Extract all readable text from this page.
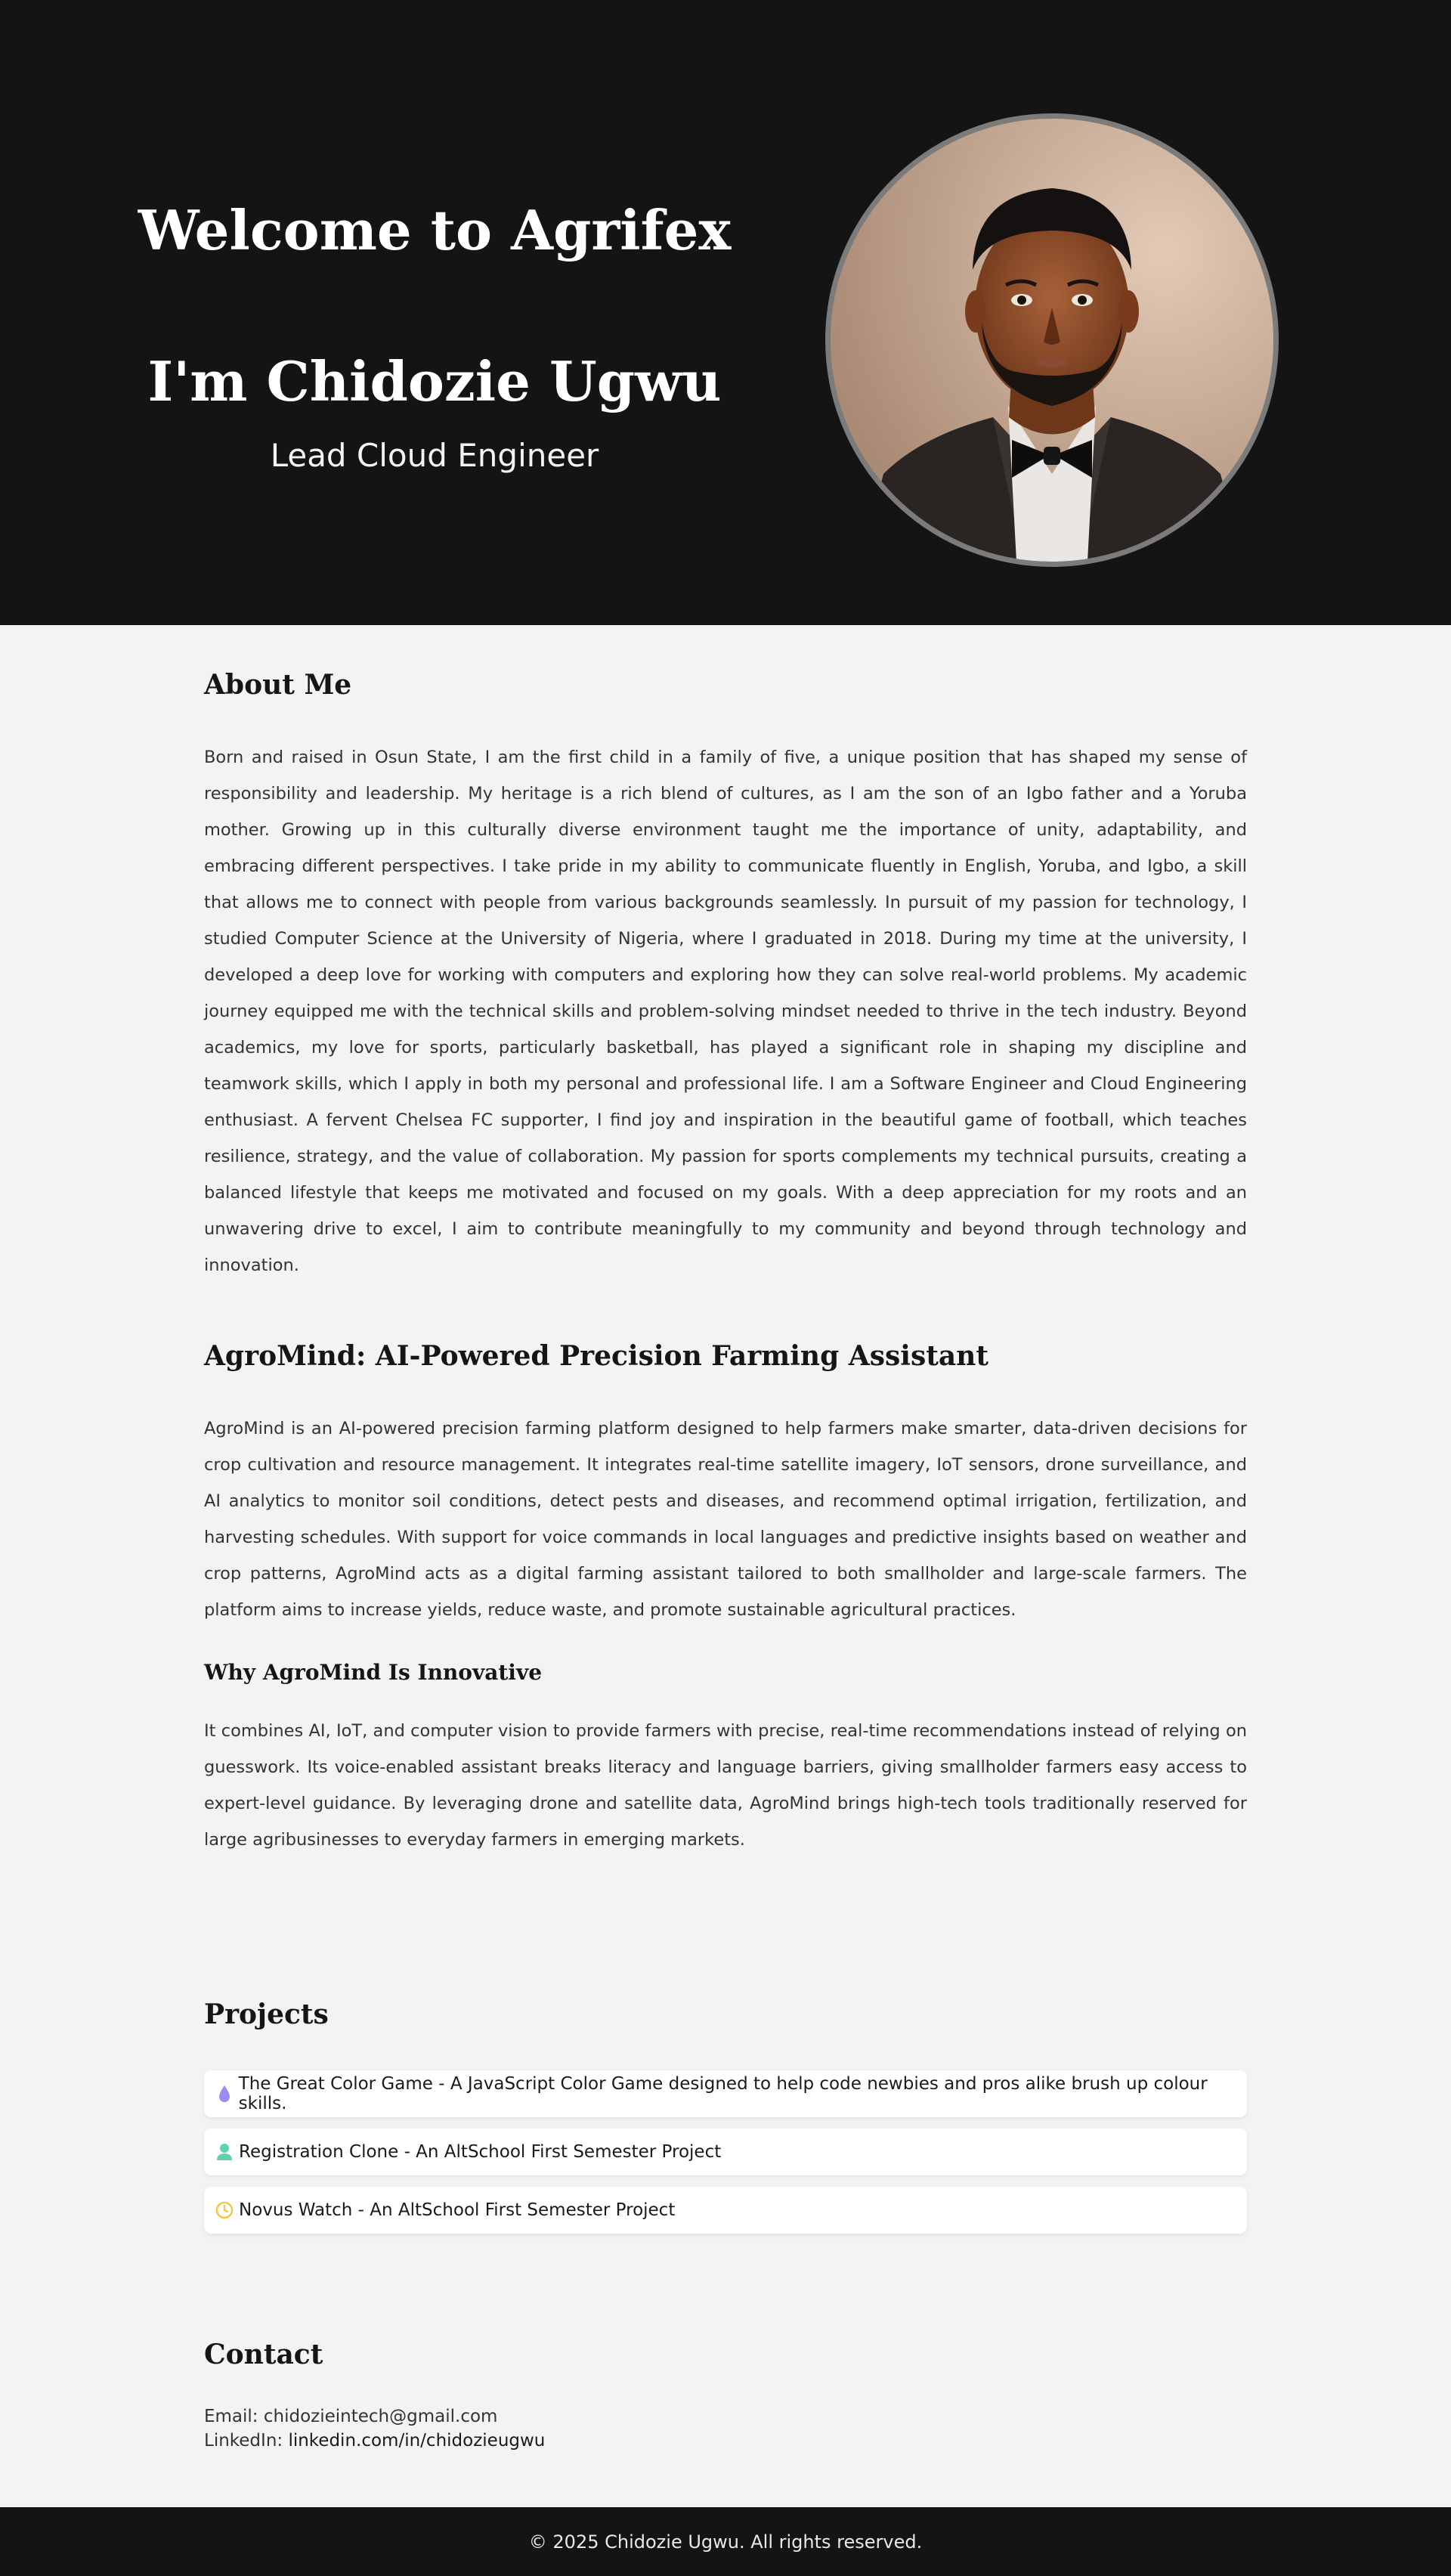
Welcome to Agrifex
I'm Chidozie Ugwu
Lead Cloud Engineer
About Me

Born and raised in Osun State, I am the first child in a family of five, a unique position that has shaped my sense of responsibility and leadership. My heritage is a rich blend of cultures, as I am the son of an Igbo father and a Yoruba mother. Growing up in this culturally diverse environment taught me the importance of unity, adaptability, and embracing different perspectives. I take pride in my ability to communicate fluently in English, Yoruba, and Igbo, a skill that allows me to connect with people from various backgrounds seamlessly. In pursuit of my passion for technology, I studied Computer Science at the University of Nigeria, where I graduated in 2018. During my time at the university, I developed a deep love for working with computers and exploring how they can solve real-world problems. My academic journey equipped me with the technical skills and problem-solving mindset needed to thrive in the tech industry. Beyond academics, my love for sports, particularly basketball, has played a significant role in shaping my discipline and teamwork skills, which I apply in both my personal and professional life. I am a Software Engineer and Cloud Engineering enthusiast. A fervent Chelsea FC supporter, I find joy and inspiration in the beautiful game of football, which teaches resilience, strategy, and the value of collaboration. My passion for sports complements my technical pursuits, creating a balanced lifestyle that keeps me motivated and focused on my goals. With a deep appreciation for my roots and an unwavering drive to excel, I aim to contribute meaningfully to my community and beyond through technology and innovation.

AgroMind: AI-Powered Precision Farming Assistant

AgroMind is an AI-powered precision farming platform designed to help farmers make smarter, data-driven decisions for crop cultivation and resource management. It integrates real-time satellite imagery, IoT sensors, drone surveillance, and AI analytics to monitor soil conditions, detect pests and diseases, and recommend optimal irrigation, fertilization, and harvesting schedules. With support for voice commands in local languages and predictive insights based on weather and crop patterns, AgroMind acts as a digital farming assistant tailored to both smallholder and large-scale farmers. The platform aims to increase yields, reduce waste, and promote sustainable agricultural practices.

Why AgroMind Is Innovative

It combines AI, IoT, and computer vision to provide farmers with precise, real-time recommendations instead of relying on guesswork. Its voice-enabled assistant breaks literacy and language barriers, giving smallholder farmers easy access to expert-level guidance. By leveraging drone and satellite data, AgroMind brings high-tech tools traditionally reserved for large agribusinesses to everyday farmers in emerging markets.

Projects
The Great Color Game - A JavaScript Color Game designed to help code newbies and pros alike brush up colour skills.
Registration Clone - An AltSchool First Semester Project
Novus Watch - An AltSchool First Semester Project
Contact
Email: chidozieintech@gmail.com
LinkedIn: linkedin.com/in/chidozieugwu
© 2025 Chidozie Ugwu. All rights reserved.
